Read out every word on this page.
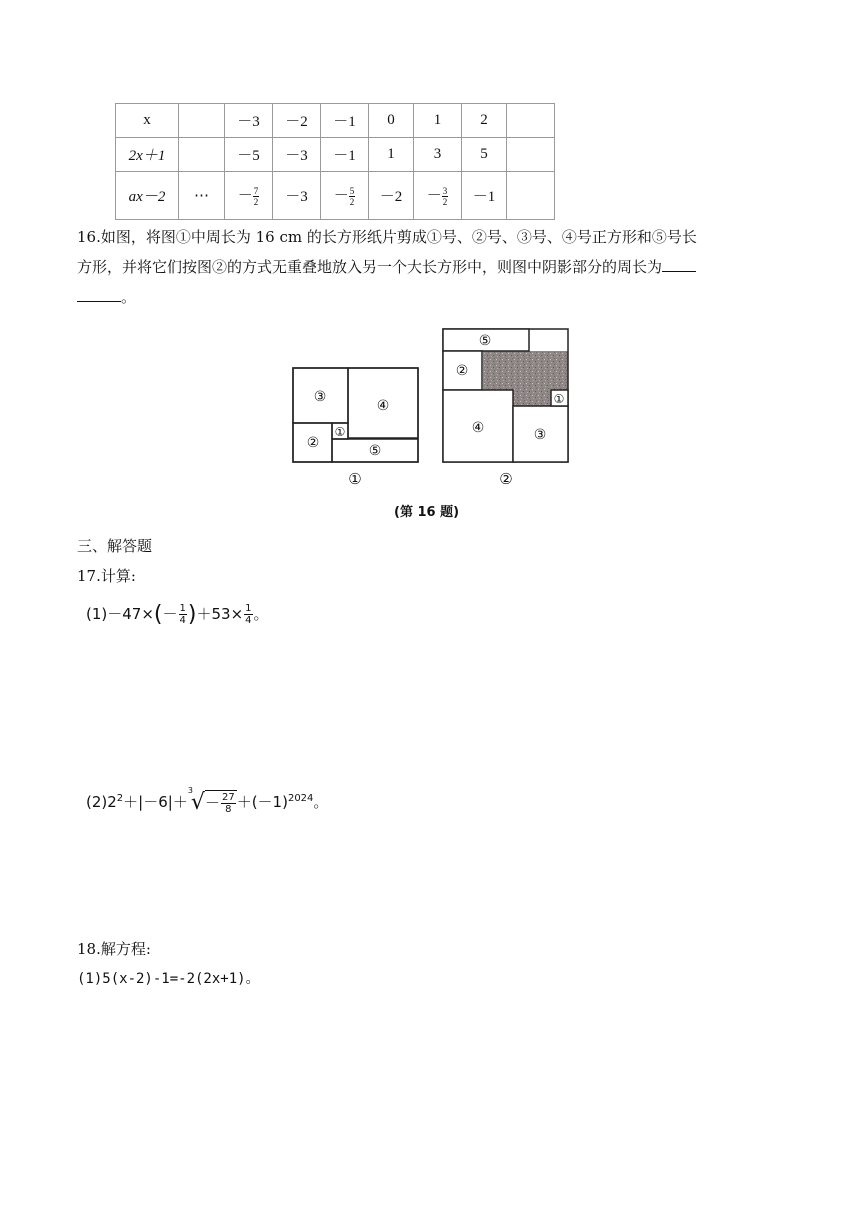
x		－3	－2	－1	0	1	2	
2x＋1		－5	－3	－1	1	3	5	
ax－2	⋯	－ $\frac{7}{2}$	－3	－ $\frac{5}{2}$	－2	－ $\frac{3}{2}$	－1	
16.如图，将图①中周长为 16 cm 的长方形纸片剪成①号、②号、③号、④号正方形和⑤号长
方形，并将它们按图②的方式无重叠地放入另一个大长方形中，则图中阴影部分的周长为
。
③
④
②
①
⑤
①
⑤
②
④	③
①
②
(第 16 题)
三、解答题
17.计算:
$(1)-47\times(- \frac{1}{4} )+53\times \frac{1}{4}$ 。
$(2)2^2+|-6|+^3√- \frac{27}{8} +(-1)^{2024}$。
18.解方程:
(1)5(x-2)-1=-2(2x+1)。
